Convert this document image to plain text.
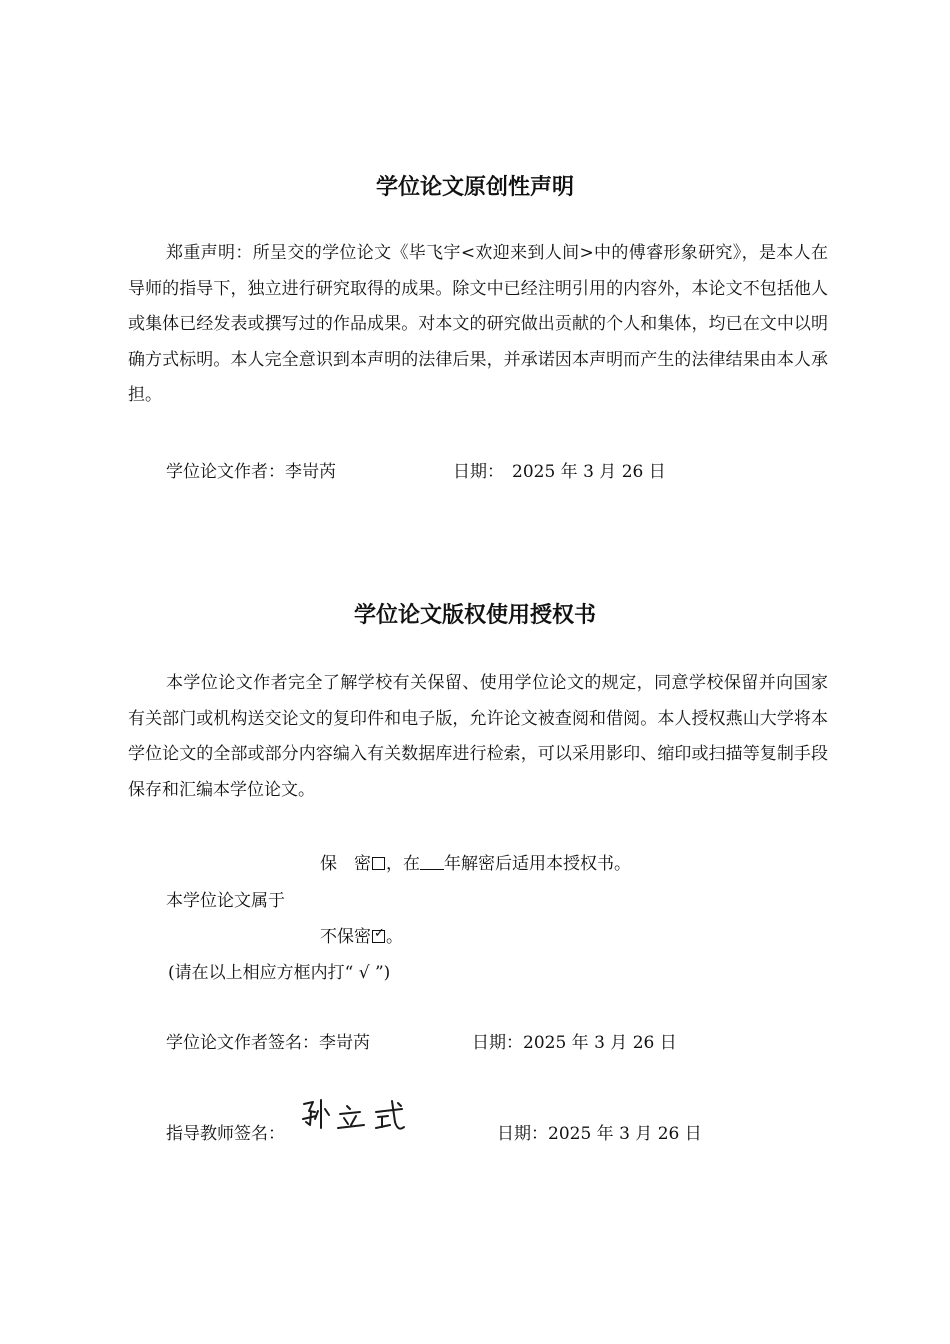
学位论文原创性声明
郑重声明：所呈交的学位论文《毕飞宇<欢迎来到人间>中的傅睿形象研究》，是本人在导师的指导下，独立进行研究取得的成果。除文中已经注明引用的内容外，本论文不包括他人或集体已经发表或撰写过的作品成果。对本文的研究做出贡献的个人和集体，均已在文中以明确方式标明。本人完全意识到本声明的法律后果，并承诺因本声明而产生的法律结果由本人承担。
学位论文作者：李岢芮	日期： 2025 年 3 月 26 日
学位论文版权使用授权书
本学位论文作者完全了解学校有关保留、使用学位论文的规定，同意学校保留并向国家有关部门或机构送交论文的复印件和电子版，允许论文被查阅和借阅。本人授权燕山大学将本学位论文的全部或部分内容编入有关数据库进行检索，可以采用影印、缩印或扫描等复制手段保存和汇编本学位论文。
保　密 ，在 年解密后适用本授权书。
本学位论文属于
不保密 ✓ 。
(请在以上相应方框内打“ √ ”)
学位论文作者签名：李岢芮	日期：2025 年 3 月 26 日
指导教师签名：	日期：2025 年 3 月 26 日
